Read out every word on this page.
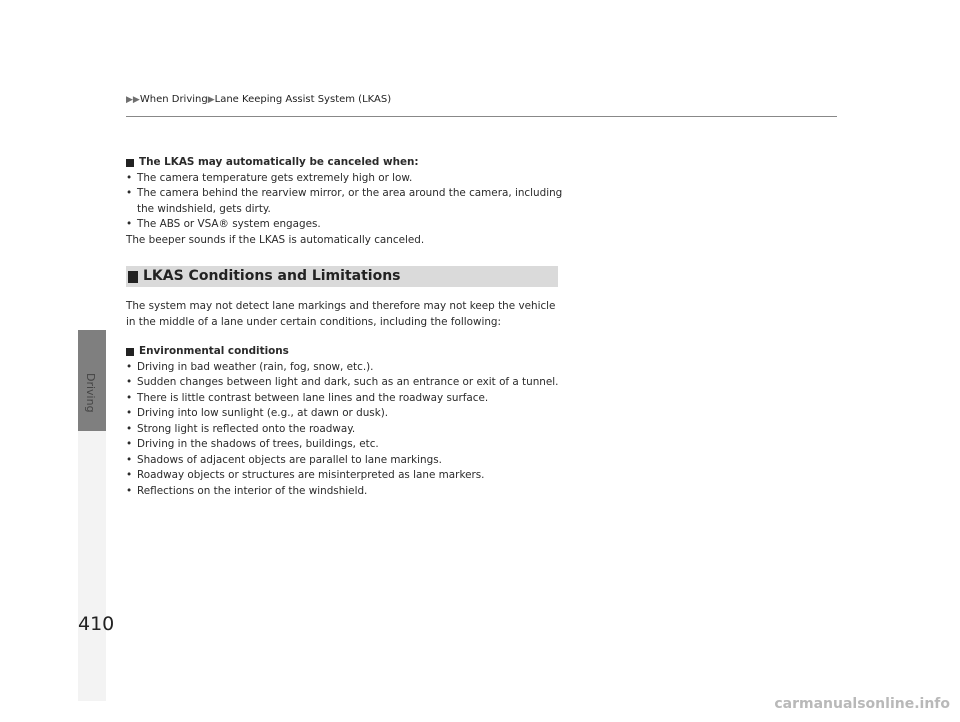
▶▶When Driving▶Lane Keeping Assist System (LKAS)
Driving
The LKAS may automatically be canceled when:
• The camera temperature gets extremely high or low.
• The camera behind the rearview mirror, or the area around the camera, including the windshield, gets dirty.
• The ABS or VSA® system engages.

The beeper sounds if the LKAS is automatically canceled.

LKAS Conditions and Limitations

The system may not detect lane markings and therefore may not keep the vehicle in the middle of a lane under certain conditions, including the following:

Environmental conditions
• Driving in bad weather (rain, fog, snow, etc.).
• Sudden changes between light and dark, such as an entrance or exit of a tunnel.
• There is little contrast between lane lines and the roadway surface.
• Driving into low sunlight (e.g., at dawn or dusk).
• Strong light is reflected onto the roadway.
• Driving in the shadows of trees, buildings, etc.
• Shadows of adjacent objects are parallel to lane markings.
• Roadway objects or structures are misinterpreted as lane markers.
• Reflections on the interior of the windshield.
410
carmanualsonline.info
